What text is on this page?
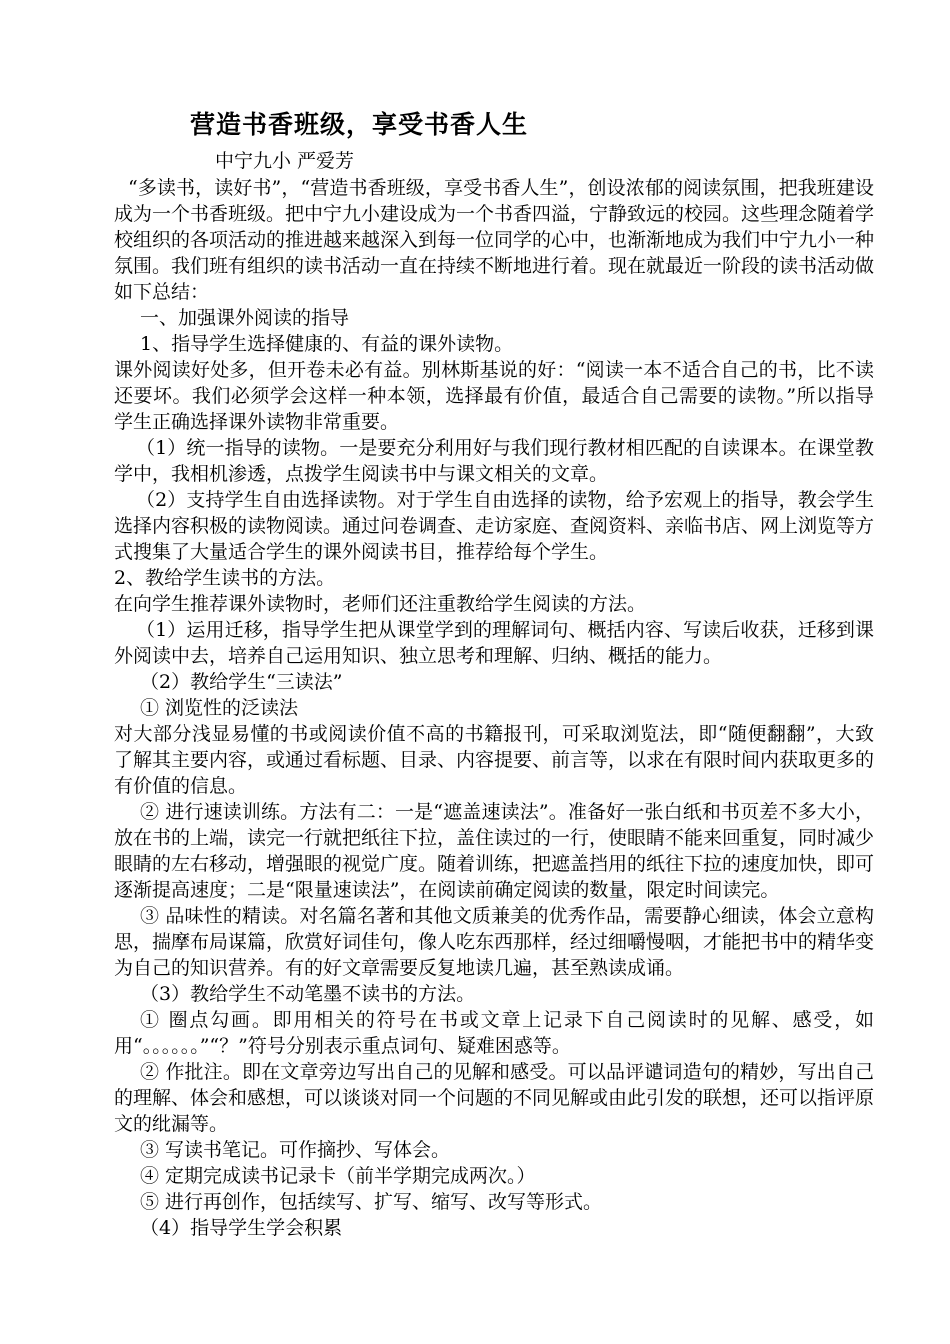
营造书香班级，享受书香人生
中宁九小 严爱芳

“多读书，读好书”，“营造书香班级，享受书香人生”，创设浓郁的阅读氛围，把我班建设成为一个书香班级。把中宁九小建设成为一个书香四溢，宁静致远的校园。这些理念随着学校组织的各项活动的推进越来越深入到每一位同学的心中，也渐渐地成为我们中宁九小一种氛围。我们班有组织的读书活动一直在持续不断地进行着。现在就最近一阶段的读书活动做如下总结：

一、加强课外阅读的指导

1、指导学生选择健康的、有益的课外读物。

课外阅读好处多，但开卷未必有益。别林斯基说的好：“阅读一本不适合自己的书，比不读还要坏。我们必须学会这样一种本领，选择最有价值，最适合自己需要的读物。”所以指导学生正确选择课外读物非常重要。

（1）统一指导的读物。一是要充分利用好与我们现行教材相匹配的自读课本。在课堂教学中，我相机渗透，点拨学生阅读书中与课文相关的文章。

（2）支持学生自由选择读物。对于学生自由选择的读物，给予宏观上的指导，教会学生选择内容积极的读物阅读。通过问卷调查、走访家庭、查阅资料、亲临书店、网上浏览等方式搜集了大量适合学生的课外阅读书目，推荐给每个学生。

2、教给学生读书的方法。

在向学生推荐课外读物时，老师们还注重教给学生阅读的方法。

（1）运用迁移，指导学生把从课堂学到的理解词句、概括内容、写读后收获，迁移到课外阅读中去，培养自己运用知识、独立思考和理解、归纳、概括的能力。

（2）教给学生“三读法”

① 浏览性的泛读法

对大部分浅显易懂的书或阅读价值不高的书籍报刊，可采取浏览法，即“随便翻翻”，大致了解其主要内容，或通过看标题、目录、内容提要、前言等，以求在有限时间内获取更多的有价值的信息。

② 进行速读训练。方法有二：一是“遮盖速读法”。准备好一张白纸和书页差不多大小，放在书的上端，读完一行就把纸往下拉，盖住读过的一行，使眼睛不能来回重复，同时减少眼睛的左右移动，增强眼的视觉广度。随着训练，把遮盖挡用的纸往下拉的速度加快，即可逐渐提高速度；二是“限量速读法”，在阅读前确定阅读的数量，限定时间读完。

③ 品味性的精读。对名篇名著和其他文质兼美的优秀作品，需要静心细读，体会立意构思，揣摩布局谋篇，欣赏好词佳句，像人吃东西那样，经过细嚼慢咽，才能把书中的精华变为自己的知识营养。有的好文章需要反复地读几遍，甚至熟读成诵。

（3）教给学生不动笔墨不读书的方法。

① 圈点勾画。即用相关的符号在书或文章上记录下自己阅读时的见解、感受，如用“。。。。。。”“？”符号分别表示重点词句、疑难困惑等。

② 作批注。即在文章旁边写出自己的见解和感受。可以品评谴词造句的精妙，写出自己的理解、体会和感想，可以谈谈对同一个问题的不同见解或由此引发的联想，还可以指评原文的纰漏等。

③ 写读书笔记。可作摘抄、写体会。

④ 定期完成读书记录卡（前半学期完成两次。）

⑤ 进行再创作，包括续写、扩写、缩写、改写等形式。

（4）指导学生学会积累
